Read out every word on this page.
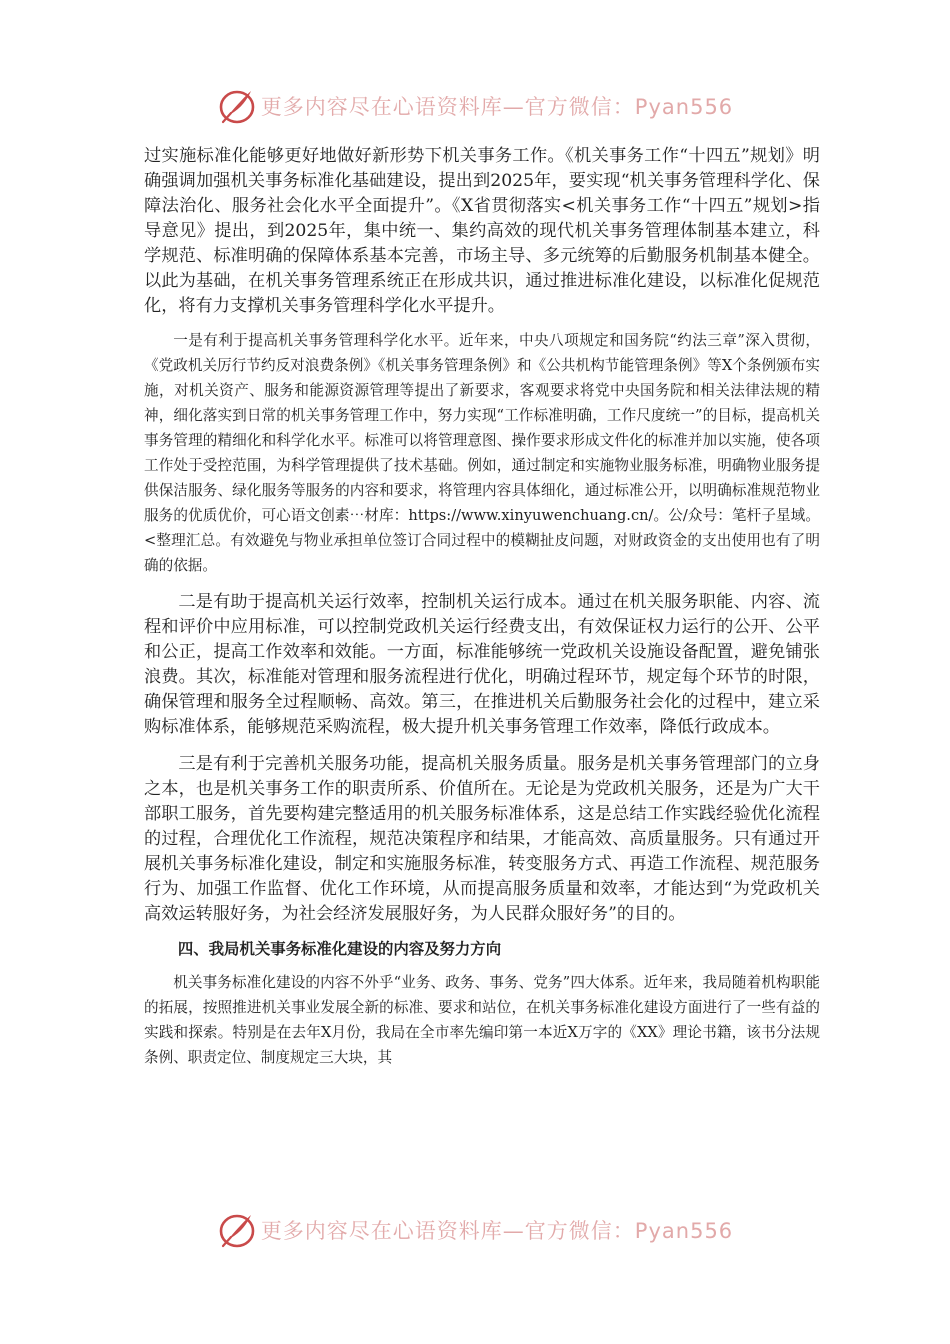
更多内容尽在心语资料库—官方微信：Pyan556

过实施标准化能够更好地做好新形势下机关事务工作。《机关事务工作“十四五”规划》明确强调加强机关事务标准化基础建设，提出到2025年，要实现“机关事务管理科学化、保障法治化、服务社会化水平全面提升”。《X省贯彻落实<机关事务工作“十四五”规划>指导意见》提出，到2025年，集中统一、集约高效的现代机关事务管理体制基本建立，科学规范、标准明确的保障体系基本完善，市场主导、多元统筹的后勤服务机制基本健全。以此为基础，在机关事务管理系统正在形成共识，通过推进标准化建设，以标准化促规范化，将有力支撑机关事务管理科学化水平提升。

一是有利于提高机关事务管理科学化水平。近年来，中央八项规定和国务院“约法三章”深入贯彻，《党政机关厉行节约反对浪费条例》《机关事务管理条例》和《公共机构节能管理条例》等X个条例颁布实施，对机关资产、服务和能源资源管理等提出了新要求，客观要求将党中央国务院和相关法律法规的精神，细化落实到日常的机关事务管理工作中，努力实现“工作标准明确，工作尺度统一”的目标，提高机关事务管理的精细化和科学化水平。标准可以将管理意图、操作要求形成文件化的标准并加以实施，使各项工作处于受控范围，为科学管理提供了技术基础。例如，通过制定和实施物业服务标准，明确物业服务提供保洁服务、绿化服务等服务的内容和要求，将管理内容具体细化，通过标准公开，以明确标准规范物业服务的优质优价，可心语文创素⋯材库：https://www.xinyuwenchuang.cn/。公/众号：笔杆子星域。<整理汇总。有效避免与物业承担单位签订合同过程中的模糊扯皮问题，对财政资金的支出使用也有了明确的依据。

二是有助于提高机关运行效率，控制机关运行成本。通过在机关服务职能、内容、流程和评价中应用标准，可以控制党政机关运行经费支出，有效保证权力运行的公开、公平和公正，提高工作效率和效能。一方面，标准能够统一党政机关设施设备配置，避免铺张浪费。其次，标准能对管理和服务流程进行优化，明确过程环节，规定每个环节的时限，确保管理和服务全过程顺畅、高效。第三，在推进机关后勤服务社会化的过程中，建立采购标准体系，能够规范采购流程，极大提升机关事务管理工作效率，降低行政成本。

三是有利于完善机关服务功能，提高机关服务质量。服务是机关事务管理部门的立身之本，也是机关事务工作的职责所系、价值所在。无论是为党政机关服务，还是为广大干部职工服务，首先要构建完整适用的机关服务标准体系，这是总结工作实践经验优化流程的过程，合理优化工作流程，规范决策程序和结果，才能高效、高质量服务。只有通过开展机关事务标准化建设，制定和实施服务标准，转变服务方式、再造工作流程、规范服务行为、加强工作监督、优化工作环境，从而提高服务质量和效率，才能达到“为党政机关高效运转服好务，为社会经济发展服好务，为人民群众服好务”的目的。

四、我局机关事务标准化建设的内容及努力方向

机关事务标准化建设的内容不外乎“业务、政务、事务、党务”四大体系。近年来，我局随着机构职能的拓展，按照推进机关事业发展全新的标准、要求和站位，在机关事务标准化建设方面进行了一些有益的实践和探索。特别是在去年X月份，我局在全市率先编印第一本近X万字的《XX》理论书籍，该书分法规条例、职责定位、制度规定三大块，其

更多内容尽在心语资料库—官方微信：Pyan556
